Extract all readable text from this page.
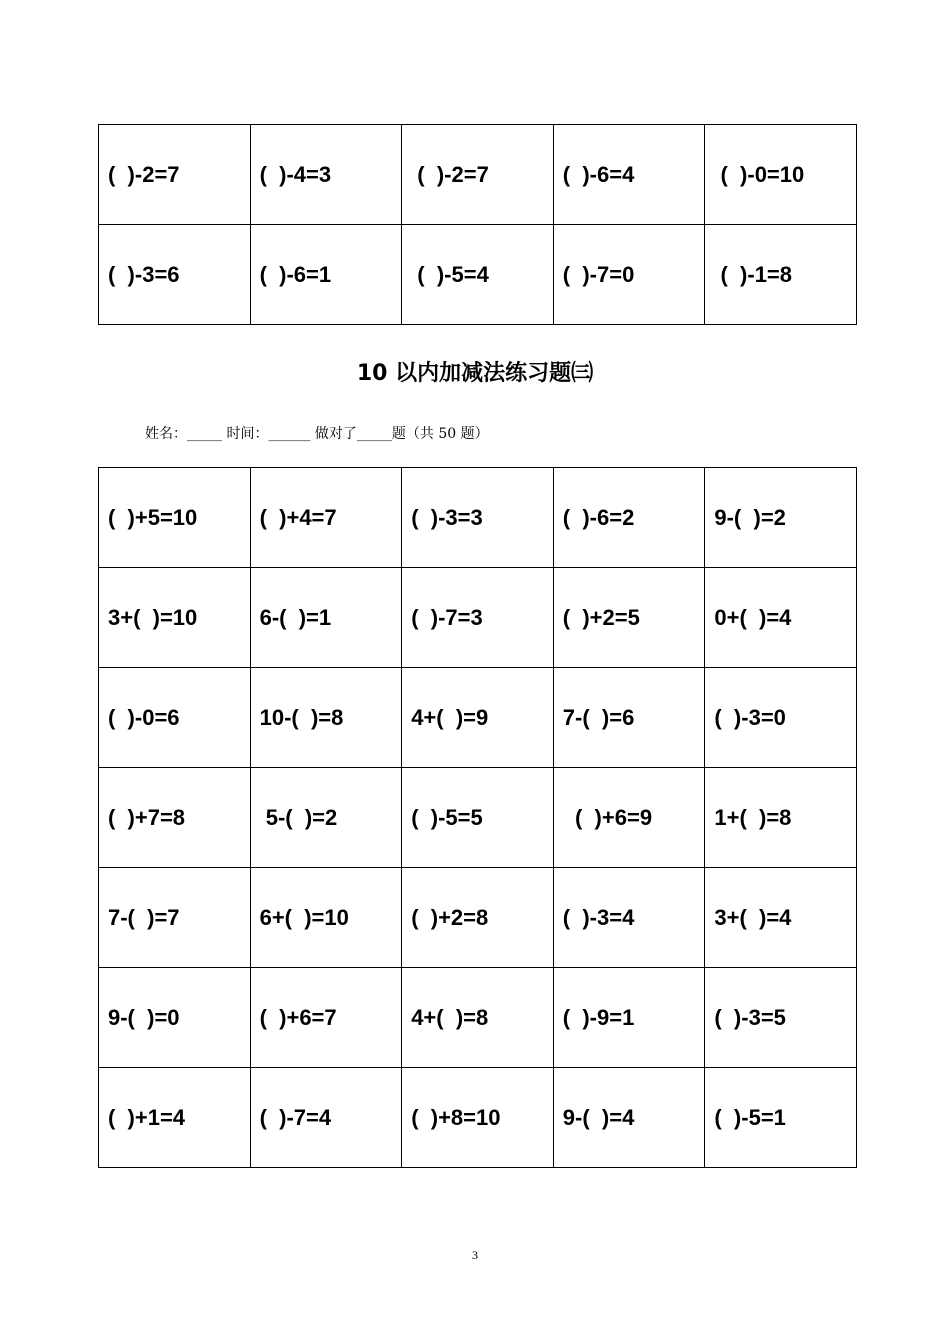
(  )-2=7	(  )-4=3	(  )-2=7	(  )-6=4	(  )-0=10
(  )-3=6	(  )-6=1	(  )-5=4	(  )-7=0	(  )-1=8
10 以内加减法练习题㈢
姓名：_____ 时间：______ 做对了_____题（共 50 题）
(  )+5=10	(  )+4=7	(  )-3=3	(  )-6=2	9-(  )=2
3+(  )=10	6-(  )=1	(  )-7=3	(  )+2=5	0+(  )=4
(  )-0=6	10-(  )=8	4+(  )=9	7-(  )=6	(  )-3=0
(  )+7=8	5-(  )=2	(  )-5=5	(  )+6=9	1+(  )=8
7-(  )=7	6+(  )=10	(  )+2=8	(  )-3=4	3+(  )=4
9-(  )=0	(  )+6=7	4+(  )=8	(  )-9=1	(  )-3=5
(  )+1=4	(  )-7=4	(  )+8=10	9-(  )=4	(  )-5=1
3
